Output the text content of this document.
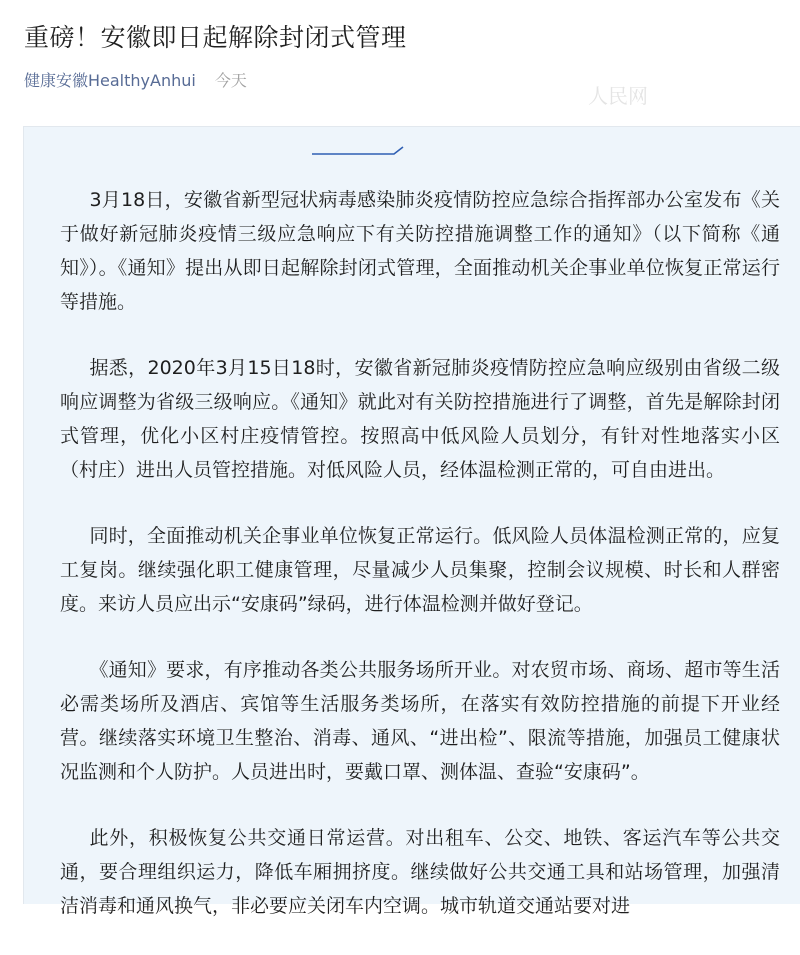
重磅！安徽即日起解除封闭式管理
健康安徽HealthyAnhui 今天
人民网

3月18日，安徽省新型冠状病毒感染肺炎疫情防控应急综合指挥部办公室发布《关于做好新冠肺炎疫情三级应急响应下有关防控措施调整工作的通知》（以下简称《通知》）。《通知》提出从即日起解除封闭式管理，全面推动机关企事业单位恢复正常运行等措施。

据悉，2020年3月15日18时，安徽省新冠肺炎疫情防控应急响应级别由省级二级响应调整为省级三级响应。《通知》就此对有关防控措施进行了调整，首先是解除封闭式管理，优化小区村庄疫情管控。按照高中低风险人员划分，有针对性地落实小区（村庄）进出人员管控措施。对低风险人员，经体温检测正常的，可自由进出。

同时，全面推动机关企事业单位恢复正常运行。低风险人员体温检测正常的，应复工复岗。继续强化职工健康管理，尽量减少人员集聚，控制会议规模、时长和人群密度。来访人员应出示“安康码”绿码，进行体温检测并做好登记。

《通知》要求，有序推动各类公共服务场所开业。对农贸市场、商场、超市等生活必需类场所及酒店、宾馆等生活服务类场所，在落实有效防控措施的前提下开业经营。继续落实环境卫生整治、消毒、通风、“进出检”、限流等措施，加强员工健康状况监测和个人防护。人员进出时，要戴口罩、测体温、查验“安康码”。

此外，积极恢复公共交通日常运营。对出租车、公交、地铁、客运汽车等公共交通，要合理组织运力，降低车厢拥挤度。继续做好公共交通工具和站场管理，加强清洁消毒和通风换气，非必要应关闭车内空调。城市轨道交通站要对进
